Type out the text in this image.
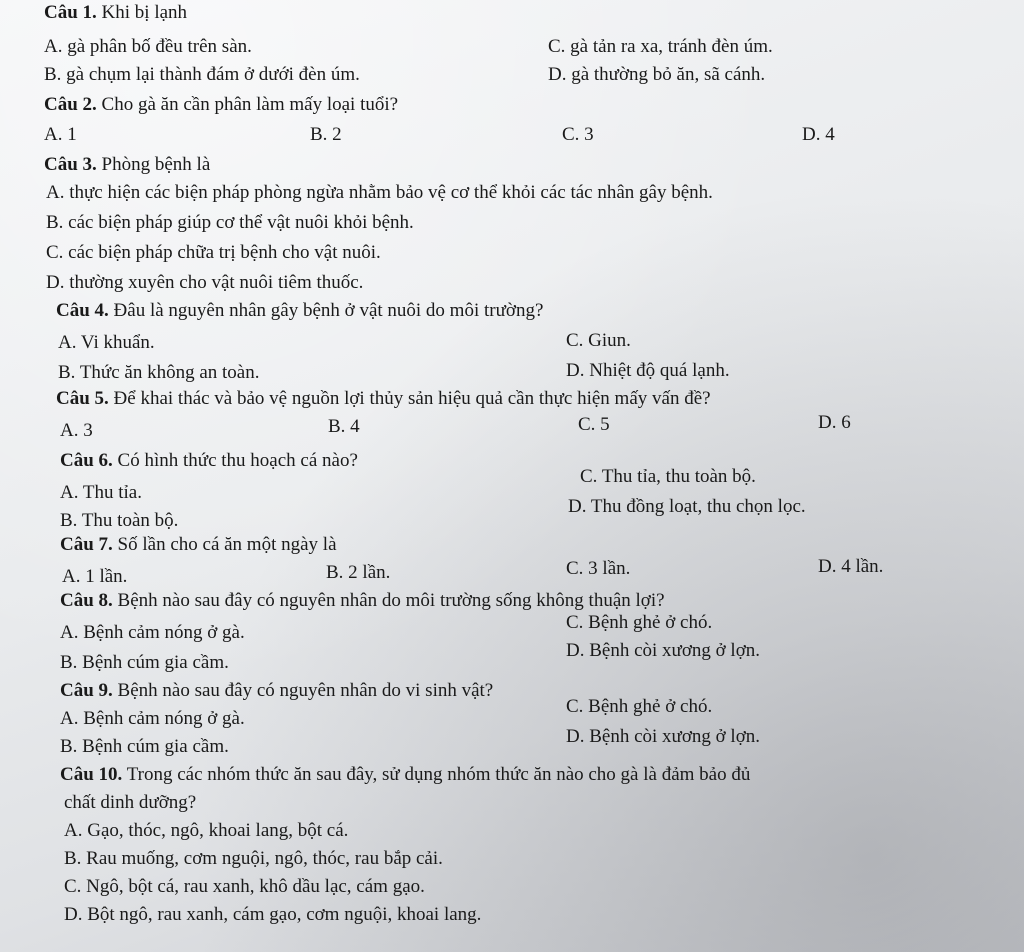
Câu 1. Khi bị lạnh
A. gà phân bố đều trên sàn.	C. gà tản ra xa, tránh đèn úm.
B. gà chụm lại thành đám ở dưới đèn úm.	D. gà thường bỏ ăn, sã cánh.
Câu 2. Cho gà ăn cần phân làm mấy loại tuổi?
A. 1	B. 2	C. 3	D. 4
Câu 3. Phòng bệnh là
A. thực hiện các biện pháp phòng ngừa nhằm bảo vệ cơ thể khỏi các tác nhân gây bệnh.
B. các biện pháp giúp cơ thể vật nuôi khỏi bệnh.
C. các biện pháp chữa trị bệnh cho vật nuôi.
D. thường xuyên cho vật nuôi tiêm thuốc.
Câu 4. Đâu là nguyên nhân gây bệnh ở vật nuôi do môi trường?
A. Vi khuẩn.	C. Giun.
B. Thức ăn không an toàn.	D. Nhiệt độ quá lạnh.
Câu 5. Để khai thác và bảo vệ nguồn lợi thủy sản hiệu quả cần thực hiện mấy vấn đề?
A. 3	B. 4	C. 5	D. 6
Câu 6. Có hình thức thu hoạch cá nào?
C. Thu tỉa, thu toàn bộ.
A. Thu tỉa.
D. Thu đồng loạt, thu chọn lọc.
B. Thu toàn bộ.
Câu 7. Số lần cho cá ăn một ngày là
A. 1 lần.	B. 2 lần.	C. 3 lần.	D. 4 lần.
Câu 8. Bệnh nào sau đây có nguyên nhân do môi trường sống không thuận lợi?
C. Bệnh ghẻ ở chó.
A. Bệnh cảm nóng ở gà.
D. Bệnh còi xương ở lợn.
B. Bệnh cúm gia cầm.
Câu 9. Bệnh nào sau đây có nguyên nhân do vi sinh vật?
C. Bệnh ghẻ ở chó.
A. Bệnh cảm nóng ở gà.
D. Bệnh còi xương ở lợn.
B. Bệnh cúm gia cầm.
Câu 10. Trong các nhóm thức ăn sau đây, sử dụng nhóm thức ăn nào cho gà là đảm bảo đủ
chất dinh dưỡng?
A. Gạo, thóc, ngô, khoai lang, bột cá.
B. Rau muống, cơm nguội, ngô, thóc, rau bắp cải.
C. Ngô, bột cá, rau xanh, khô dầu lạc, cám gạo.
D. Bột ngô, rau xanh, cám gạo, cơm nguội, khoai lang.
